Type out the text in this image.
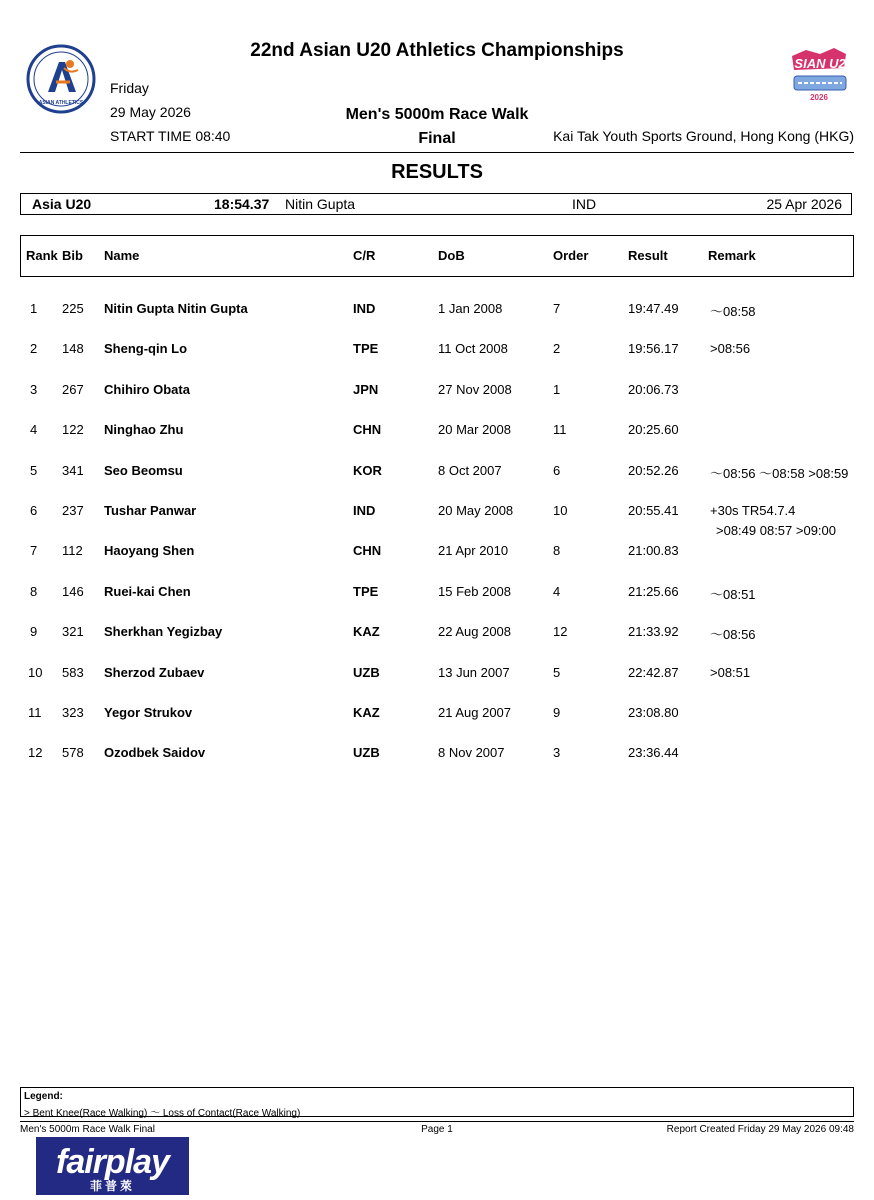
ASIAN ATHLETICS
ASIAN U20
2026
22nd Asian U20 Athletics Championships
Friday
29 May 2026
START TIME 08:40
Men's 5000m Race Walk
Final	Kai Tak Youth Sports Ground, Hong Kong (HKG)
RESULTS
Asia U20	18:54.37 Nitin Gupta	IND	25 Apr 2026
Rank Bib Name	C/R	DoB	Order	Result	Remark
1 225 Nitin Gupta Nitin Gupta	IND	1 Jan 2008	7	19:47.49 ～08:58
2 148 Sheng-qin Lo	TPE	11 Oct 2008	2	19:56.17 >08:56
3 267 Chihiro Obata	JPN	27 Nov 2008	1	20:06.73
4 122 Ninghao Zhu	CHN	20 Mar 2008	11	20:25.60
5 341 Seo Beomsu	KOR	8 Oct 2007	6	20:52.26 ～08:56 ～08:58 >08:59
6 237 Tushar Panwar	IND	20 May 2008	10	20:55.41 +30s TR54.7.4
>08:49 08:57 >09:00
7 112 Haoyang Shen	CHN	21 Apr 2010	8	21:00.83
8 146 Ruei-kai Chen	TPE	15 Feb 2008	4	21:25.66 ～08:51
9 321 Sherkhan Yegizbay	KAZ	22 Aug 2008	12	21:33.92 ～08:56
10 583 Sherzod Zubaev	UZB	13 Jun 2007	5	22:42.87 >08:51
11 323 Yegor Strukov	KAZ	21 Aug 2007	9	23:08.80
12 578 Ozodbek Saidov	UZB	8 Nov 2007	3	23:36.44
Legend:
> Bent Knee(Race Walking) ～ Loss of Contact(Race Walking)
Men's 5000m Race Walk Final	Page 1	Report Created Friday 29 May 2026 09:48
fairplay
菲普萊
